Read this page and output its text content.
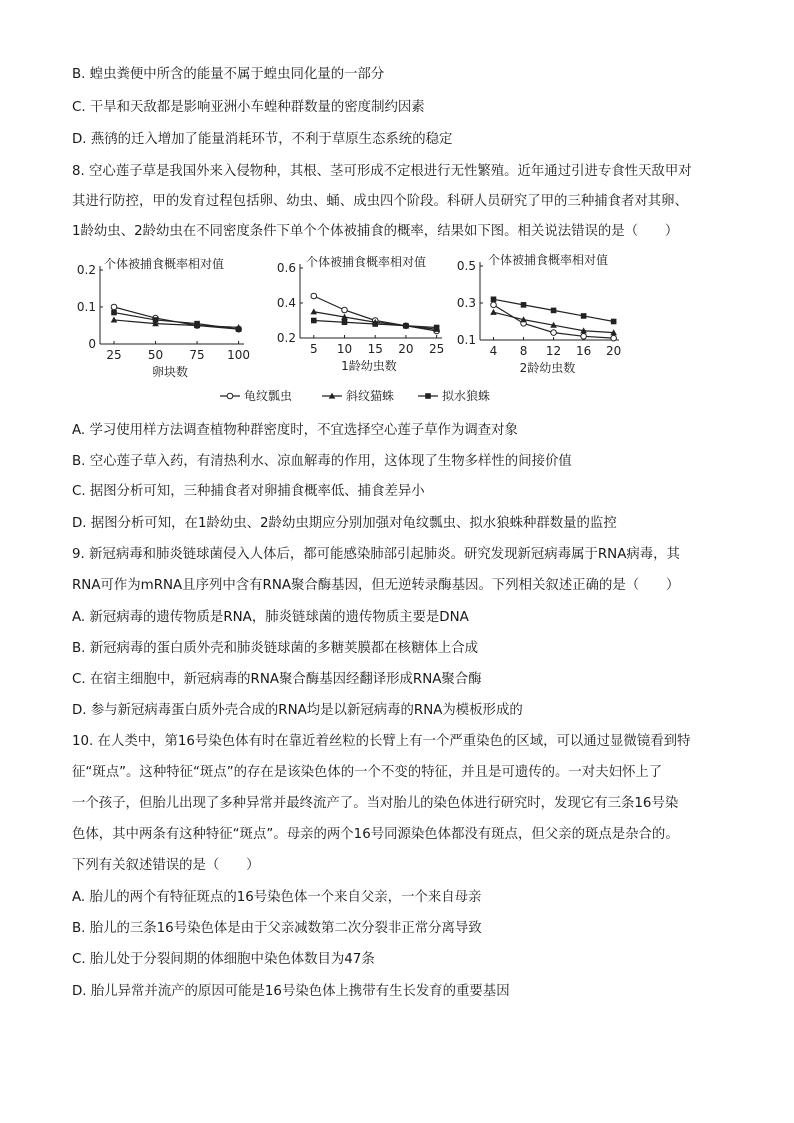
B. 蝗虫粪便中所含的能量不属于蝗虫同化量的一部分
C. 干旱和天敌都是影响亚洲小车蝗种群数量的密度制约因素
D. 燕鸻的迁入增加了能量消耗环节，不利于草原生态系统的稳定
8. 空心莲子草是我国外来入侵物种，其根、茎可形成不定根进行无性繁殖。近年通过引进专食性天敌甲对
其进行防控，甲的发育过程包括卵、幼虫、蛹、成虫四个阶段。科研人员研究了甲的三种捕食者对其卵、
1龄幼虫、2龄幼虫在不同密度条件下单个个体被捕食的概率，结果如下图。相关说法错误的是（　　）
个体被捕食概率相对值
0
0.1
0.2
25 50 75 100
卵块数
个体被捕食概率相对值
0.2
0.4
0.6
5 10 15 20 25
1龄幼虫数
个体被捕食概率相对值
0.1
0.3
0.5
4 8 12 16 20
2龄幼虫数
龟纹瓢虫	斜纹猫蛛	拟水狼蛛
A. 学习使用样方法调查植物种群密度时，不宜选择空心莲子草作为调查对象
B. 空心莲子草入药，有清热利水、凉血解毒的作用，这体现了生物多样性的间接价值
C. 据图分析可知，三种捕食者对卵捕食概率低、捕食差异小
D. 据图分析可知，在1龄幼虫、2龄幼虫期应分别加强对龟纹瓢虫、拟水狼蛛种群数量的监控
9. 新冠病毒和肺炎链球菌侵入人体后，都可能感染肺部引起肺炎。研究发现新冠病毒属于RNA病毒，其
RNA可作为mRNA且序列中含有RNA聚合酶基因，但无逆转录酶基因。下列相关叙述正确的是（　　）
A. 新冠病毒的遗传物质是RNA，肺炎链球菌的遗传物质主要是DNA
B. 新冠病毒的蛋白质外壳和肺炎链球菌的多糖荚膜都在核糖体上合成
C. 在宿主细胞中，新冠病毒的RNA聚合酶基因经翻译形成RNA聚合酶
D. 参与新冠病毒蛋白质外壳合成的RNA均是以新冠病毒的RNA为模板形成的
10. 在人类中，第16号染色体有时在靠近着丝粒的长臂上有一个严重染色的区域，可以通过显微镜看到特
征“斑点”。这种特征“斑点”的存在是该染色体的一个不变的特征，并且是可遗传的。一对夫妇怀上了
一个孩子，但胎儿出现了多种异常并最终流产了。当对胎儿的染色体进行研究时，发现它有三条16号染
色体，其中两条有这种特征“斑点”。母亲的两个16号同源染色体都没有斑点，但父亲的斑点是杂合的。
下列有关叙述错误的是（　　）
A. 胎儿的两个有特征斑点的16号染色体一个来自父亲，一个来自母亲
B. 胎儿的三条16号染色体是由于父亲减数第二次分裂非正常分离导致
C. 胎儿处于分裂间期的体细胞中染色体数目为47条
D. 胎儿异常并流产的原因可能是16号染色体上携带有生长发育的重要基因
